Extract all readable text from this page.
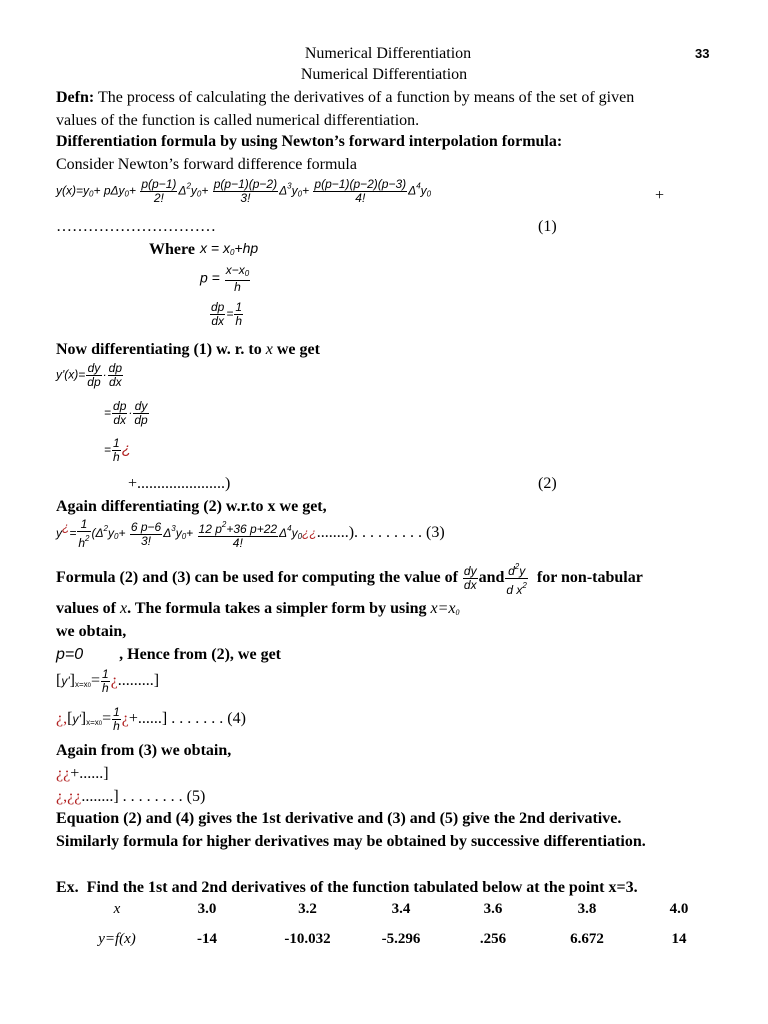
Numerical Differentiation	33
Numerical Differentiation
Defn: The process of calculating the derivatives of a function by means of the set of given
values of the function is called numerical differentiation.
Differentiation formula by using Newton’s forward interpolation formula:
Consider Newton’s forward difference formula
$y(x)=y0+ p\Delta y0+ \frac{p(p-1)}{2!} \Delta^2y0+ \frac{p(p-1)(p-2)}{3!} \Delta^3y0+ \frac{p(p-1)(p-2)(p-3)}{4!} \Delta^4y0$	+
…………………………	(1)
Where x = x0+hp
$p = \frac{x-x0}{h}$
$\frac{dp}{dx} = \frac{1}{h}$
Now differentiating (1) w. r. to x we get
$y'(x)= \frac{dy}{dp} \cdot \frac{dp}{dx}$
= $\frac{dp}{dx} \cdot \frac{dy}{dp}$
= $\frac{1}{h}$ ¿
+......................)	(2)
Again differentiating (2) w.r.to x we get,
y¿= $\frac{1}{h^2} (\Delta^2y0+ \frac{6 p-6}{3!} \Delta^3y0+ \frac{12 p^2+36 p+22}{4!}$ $\Delta^4y0¿¿$........). . . . . . . . . (3)
Formula (2) and (3) can be used for computing the value of $\frac{dy}{dx}$ and $\frac{d^2y}{d x^2}$ for non-tabular
values of x. The formula takes a simpler form by using x=x0
we obtain,
p=0 , Hence from (2), we get
$[y']x=x0= \frac{1}{h}$ ¿.........]
¿$,[y']x=x0= \frac{1}{h}$ ¿+......] . . . . . . . (4)
Again from (3) we obtain,
¿¿+......]
¿,¿¿........] . . . . . . . . (5)
Equation (2) and (4) gives the 1st derivative and (3) and (5) give the 2nd derivative.
Similarly formula for higher derivatives may be obtained by successive differentiation.
Ex. Find the 1st and 2nd derivatives of the function tabulated below at the point x=3.
x	3.0	3.2	3.4	3.6	3.8	4.0
y=f(x)	-14	-10.032	-5.296	.256	6.672	14
